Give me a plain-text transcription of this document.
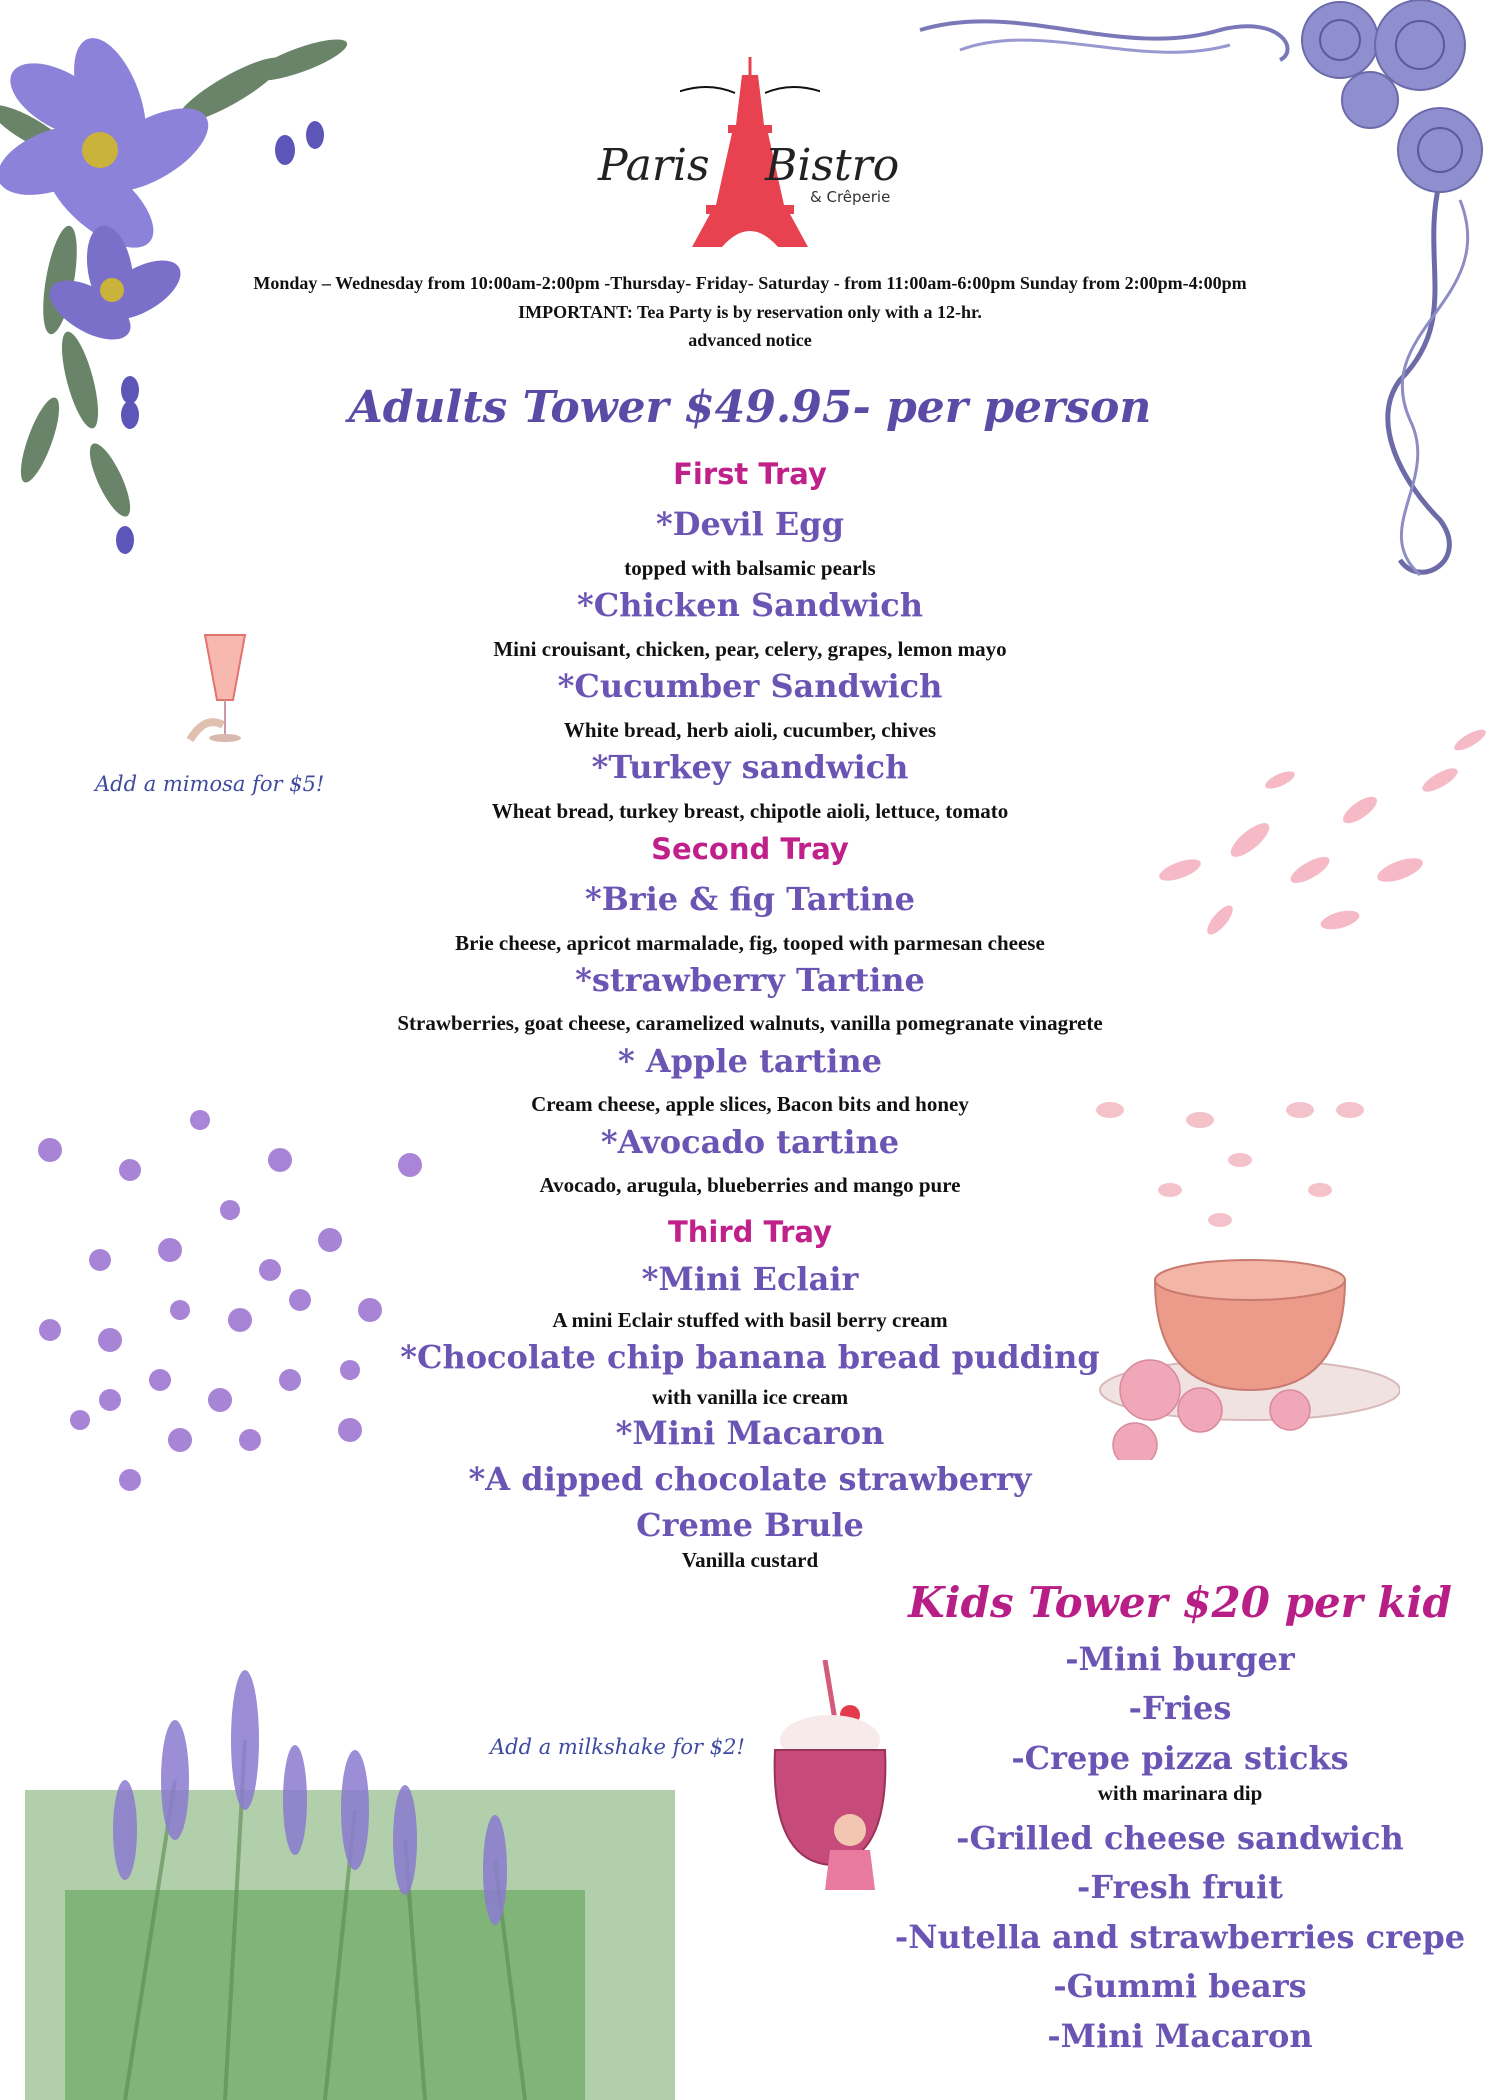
Paris Bistro
& Crêperie
Monday – Wednesday from 10:00am-2:00pm -Thursday- Friday- Saturday - from 11:00am-6:00pm Sunday from 2:00pm-4:00pm
IMPORTANT: Tea Party is by reservation only with a 12-hr.
advanced notice
Adults Tower $49.95- per person
First Tray
*Devil Egg
topped with balsamic pearls
*Chicken Sandwich
Mini crouisant, chicken, pear, celery, grapes, lemon mayo
*Cucumber Sandwich
White bread, herb aioli, cucumber, chives
*Turkey sandwich
Wheat bread, turkey breast, chipotle aioli, lettuce, tomato
Second Tray
*Brie & fig Tartine
Brie cheese, apricot marmalade, fig, tooped with parmesan cheese
*strawberry Tartine
Strawberries, goat cheese, caramelized walnuts, vanilla pomegranate vinagrete
* Apple tartine
Cream cheese, apple slices, Bacon bits and honey
*Avocado tartine
Avocado, arugula, blueberries and mango pure
Third Tray
*Mini Eclair
A mini Eclair stuffed with basil berry cream
*Chocolate chip banana bread pudding
with vanilla ice cream
*Mini Macaron
*A dipped chocolate strawberry
Creme Brule
Vanilla custard
Add a mimosa for $5!
Add a milkshake for $2!
Kids Tower $20 per kid
-Mini burger
-Fries
-Crepe pizza sticks
with marinara dip
-Grilled cheese sandwich
-Fresh fruit
-Nutella and strawberries crepe
-Gummi bears
-Mini Macaron
